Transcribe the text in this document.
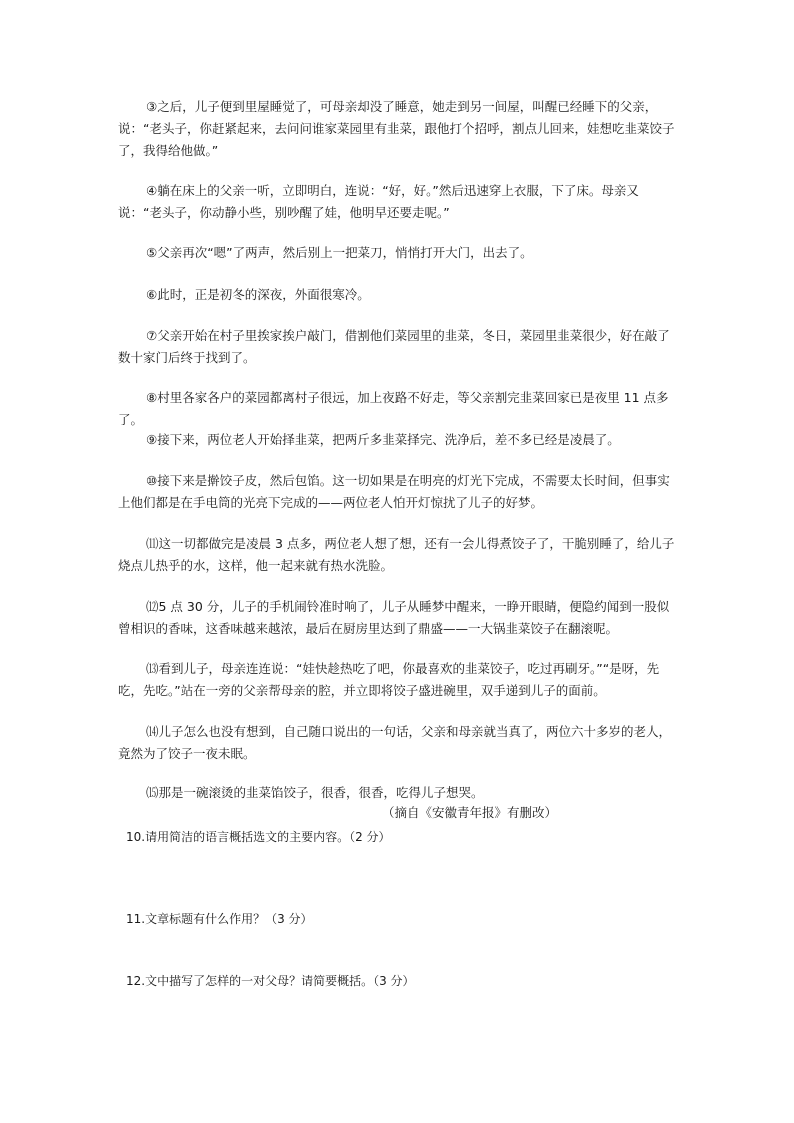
③之后，儿子便到里屋睡觉了，可母亲却没了睡意，她走到另一间屋，叫醒已经睡下的父亲，说：“老头子，你赶紧起来，去问问谁家菜园里有韭菜，跟他打个招呼，割点儿回来，娃想吃韭菜饺子了，我得给他做。”

④躺在床上的父亲一听，立即明白，连说：“好，好。”然后迅速穿上衣服，下了床。母亲又说：“老头子，你动静小些，别吵醒了娃，他明早还要走呢。”

⑤父亲再次“嗯”了两声，然后别上一把菜刀，悄悄打开大门，出去了。

⑥此时，正是初冬的深夜，外面很寒冷。

⑦父亲开始在村子里挨家挨户敲门，借割他们菜园里的韭菜，冬日，菜园里韭菜很少，好在敲了数十家门后终于找到了。

⑧村里各家各户的菜园都离村子很远，加上夜路不好走，等父亲割完韭菜回家已是夜里 11 点多了。

⑨接下来，两位老人开始择韭菜，把两斤多韭菜择完、洗净后，差不多已经是凌晨了。

⑩接下来是擀饺子皮，然后包馅。这一切如果是在明亮的灯光下完成，不需要太长时间，但事实上他们都是在手电筒的光亮下完成的——两位老人怕开灯惊扰了儿子的好梦。

⑾这一切都做完是凌晨 3 点多，两位老人想了想，还有一会儿得煮饺子了，干脆别睡了，给儿子烧点儿热乎的水，这样，他一起来就有热水洗脸。

⑿5 点 30 分，儿子的手机闹铃准时响了，儿子从睡梦中醒来，一睁开眼睛，便隐约闻到一股似曾相识的香味，这香味越来越浓，最后在厨房里达到了鼎盛——一大锅韭菜饺子在翻滚呢。

⒀看到儿子，母亲连连说：“娃快趁热吃了吧，你最喜欢的韭菜饺子，吃过再刷牙。”“是呀，先吃，先吃。”站在一旁的父亲帮母亲的腔，并立即将饺子盛进碗里，双手递到儿子的面前。

⒁儿子怎么也没有想到，自己随口说出的一句话，父亲和母亲就当真了，两位六十多岁的老人，竟然为了饺子一夜未眠。

⒂那是一碗滚烫的韭菜馅饺子，很香，很香，吃得儿子想哭。

（摘自《安徽青年报》有删改）

10.请用简洁的语言概括选文的主要内容。（2 分）

11.文章标题有什么作用？（3 分）

12.文中描写了怎样的一对父母？请简要概括。（3 分）
